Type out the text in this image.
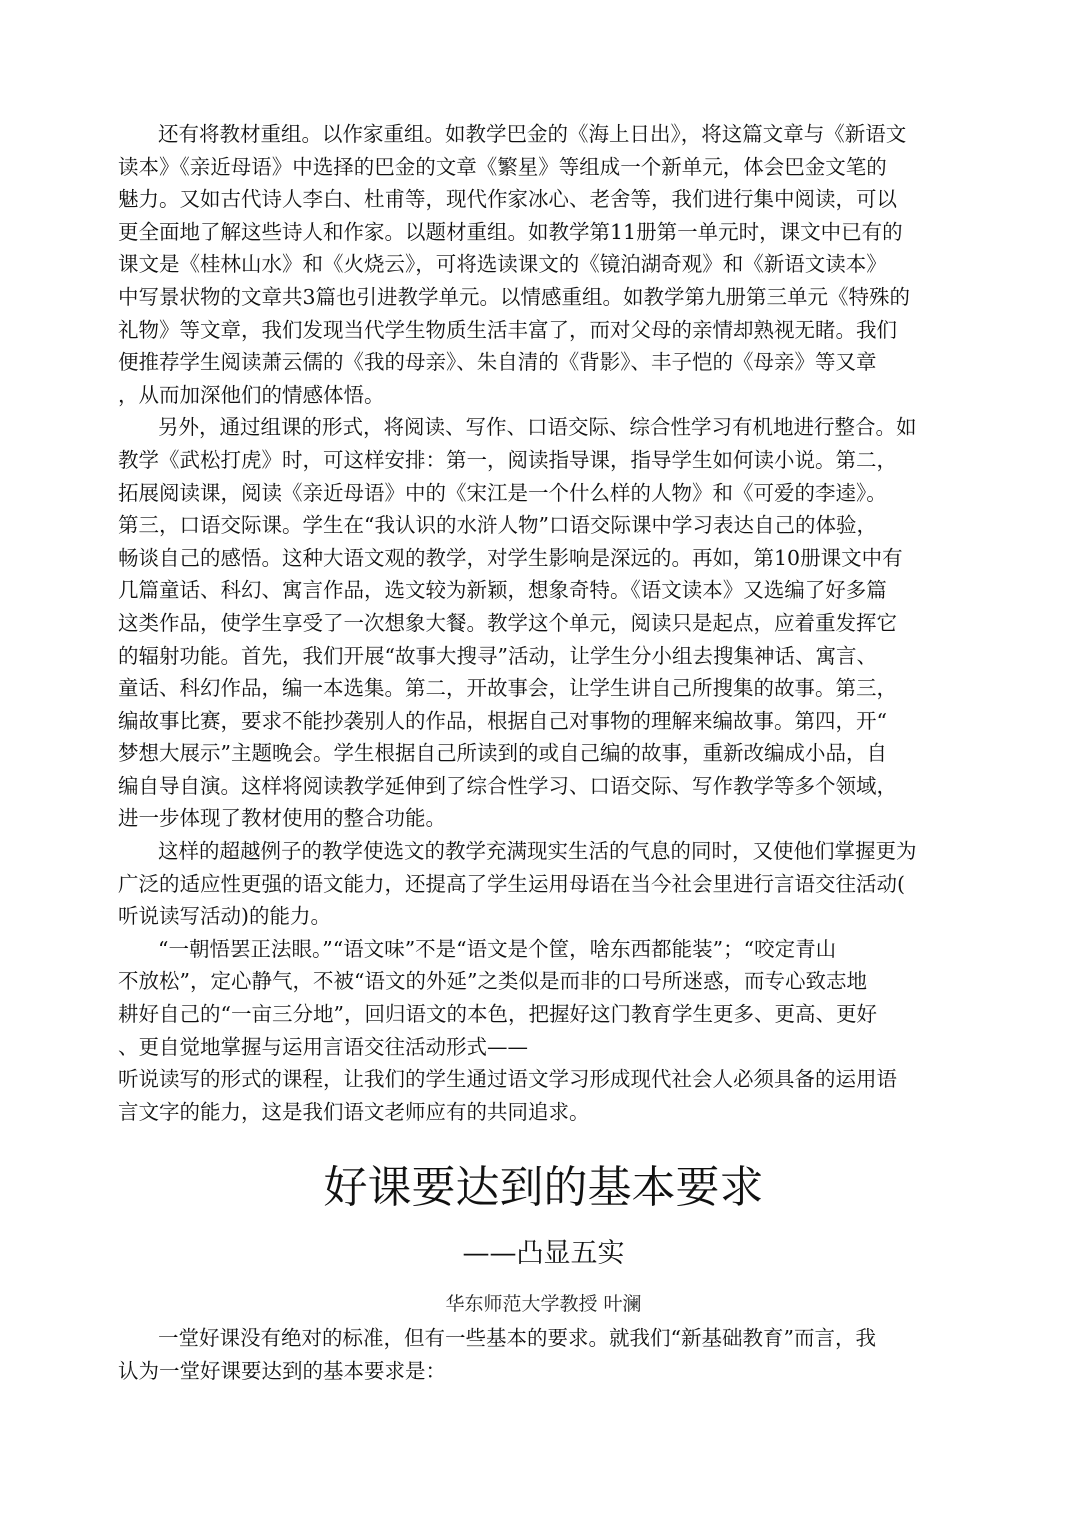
还有将教材重组。以作家重组。如教学巴金的《海上日出》，将这篇文章与《新语文
读本》《亲近母语》中选择的巴金的文章《繁星》等组成一个新单元，体会巴金文笔的
魅力。又如古代诗人李白、杜甫等，现代作家冰心、老舍等，我们进行集中阅读，可以
更全面地了解这些诗人和作家。以题材重组。如教学第11册第一单元时，课文中已有的
课文是《桂林山水》和《火烧云》，可将选读课文的《镜泊湖奇观》和《新语文读本》
中写景状物的文章共3篇也引进教学单元。以情感重组。如教学第九册第三单元《特殊的
礼物》等文章，我们发现当代学生物质生活丰富了，而对父母的亲情却熟视无睹。我们
便推荐学生阅读萧云儒的《我的母亲》、朱自清的《背影》、丰子恺的《母亲》等又章
，从而加深他们的情感体悟。
另外，通过组课的形式，将阅读、写作、口语交际、综合性学习有机地进行整合。如
教学《武松打虎》时，可这样安排：第一，阅读指导课，指导学生如何读小说。第二，
拓展阅读课，阅读《亲近母语》中的《宋江是一个什么样的人物》和《可爱的李逵》。
第三，口语交际课。学生在“我认识的水浒人物”口语交际课中学习表达自己的体验，
畅谈自己的感悟。这种大语文观的教学，对学生影响是深远的。再如，第10册课文中有
几篇童话、科幻、寓言作品，选文较为新颖，想象奇特。《语文读本》又选编了好多篇
这类作品，使学生享受了一次想象大餐。教学这个单元，阅读只是起点，应着重发挥它
的辐射功能。首先，我们开展“故事大搜寻”活动，让学生分小组去搜集神话、寓言、
童话、科幻作品，编一本选集。第二，开故事会，让学生讲自己所搜集的故事。第三，
编故事比赛，要求不能抄袭别人的作品，根据自己对事物的理解来编故事。第四，开“
梦想大展示”主题晚会。学生根据自己所读到的或自己编的故事，重新改编成小品，自
编自导自演。这样将阅读教学延伸到了综合性学习、口语交际、写作教学等多个领域，
进一步体现了教材使用的整合功能。
这样的超越例子的教学使选文的教学充满现实生活的气息的同时，又使他们掌握更为
广泛的适应性更强的语文能力，还提高了学生运用母语在当今社会里进行言语交往活动(
听说读写活动)的能力。
“一朝悟罢正法眼。”“语文味”不是“语文是个筐，啥东西都能装”；“咬定青山
不放松”，定心静气，不被“语文的外延”之类似是而非的口号所迷惑，而专心致志地
耕好自己的“一亩三分地”，回归语文的本色，把握好这门教育学生更多、更高、更好
、更自觉地掌握与运用言语交往活动形式——
听说读写的形式的课程，让我们的学生通过语文学习形成现代社会人必须具备的运用语
言文字的能力，这是我们语文老师应有的共同追求。
好课要达到的基本要求
——凸显五实
华东师范大学教授 叶澜
一堂好课没有绝对的标准，但有一些基本的要求。就我们“新基础教育”而言，我
认为一堂好课要达到的基本要求是：
